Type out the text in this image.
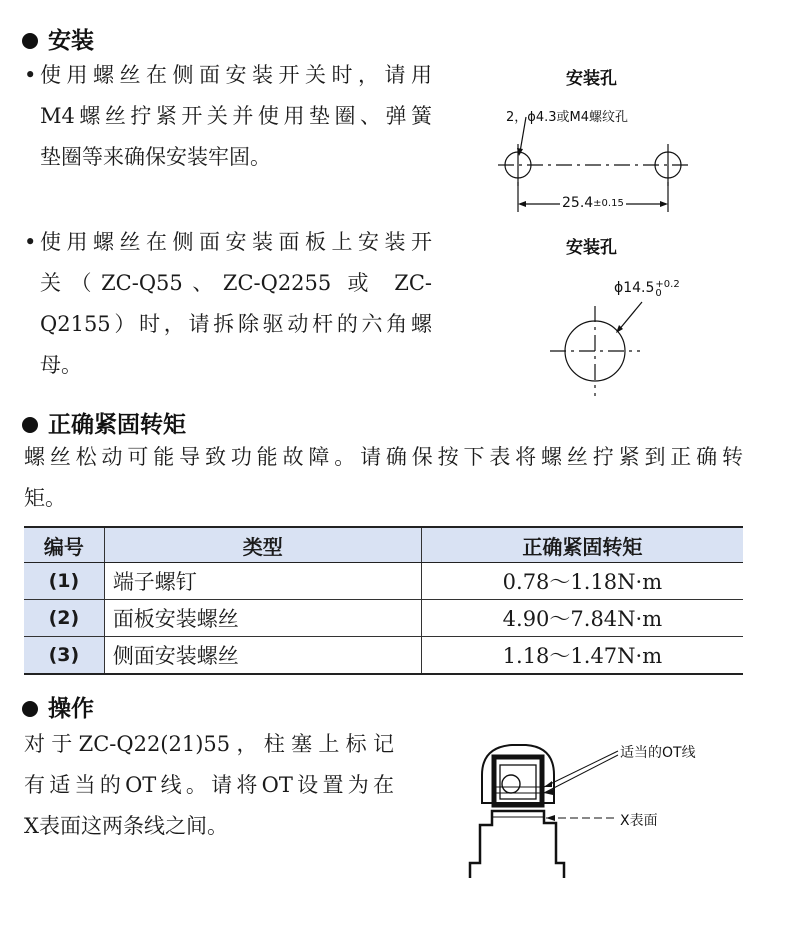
安装
• 使用螺丝在侧面安装开关时，请用
M4螺丝拧紧开关并使用垫圈、弹簧
垫圈等来确保安装牢固。
• 使用螺丝在侧面安装面板上安装开
关（ZC-Q55、ZC-Q2255 或 ZC-
Q2155）时，请拆除驱动杆的六角螺
母。
安装孔
2，ϕ4.3或M4螺纹孔
25.4±0.15
安装孔
ϕ14.5 +0.2
0
正确紧固转矩
螺丝松动可能导致功能故障。请确保按下表将螺丝拧紧到正确转
矩。
编号	类型	正确紧固转矩
(1)	端子螺钉	0.78～1.18N·m
(2)	面板安装螺丝	4.90～7.84N·m
(3)	侧面安装螺丝	1.18～1.47N·m
操作
对于ZC-Q22(21)55，柱塞上标记
有适当的OT线。请将OT设置为在
X表面这两条线之间。
适当的OT线
X表面
